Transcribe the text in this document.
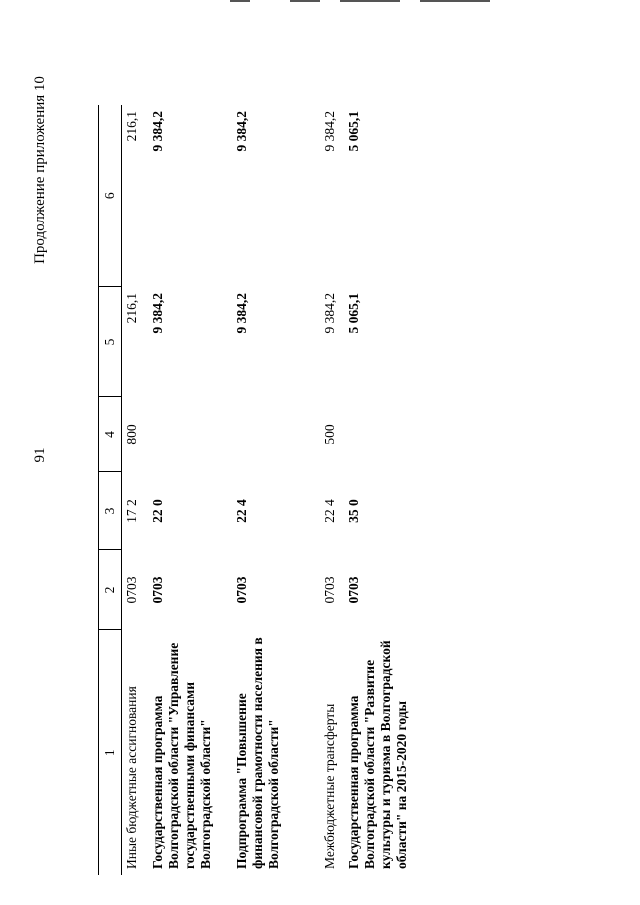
91
Продолжение приложения 10
1	2	3	4	5	6
Иные бюджетные ассигнования	0703	17 2	800	216,1	216,1
Государственная программа Волгоградской области "Управление государственными финансами Волгоградской области"	0703	22 0		9 384,2	9 384,2
Подпрограмма "Повышение финансовой грамотности населения в Волгоградской области"	0703	22 4		9 384,2	9 384,2
Межбюджетные трансферты	0703	22 4	500	9 384,2	9 384,2
Государственная программа Волгоградской области "Развитие культуры и туризма в Волгоградской области" на 2015-2020 годы	0703	35 0		5 065,1	5 065,1
